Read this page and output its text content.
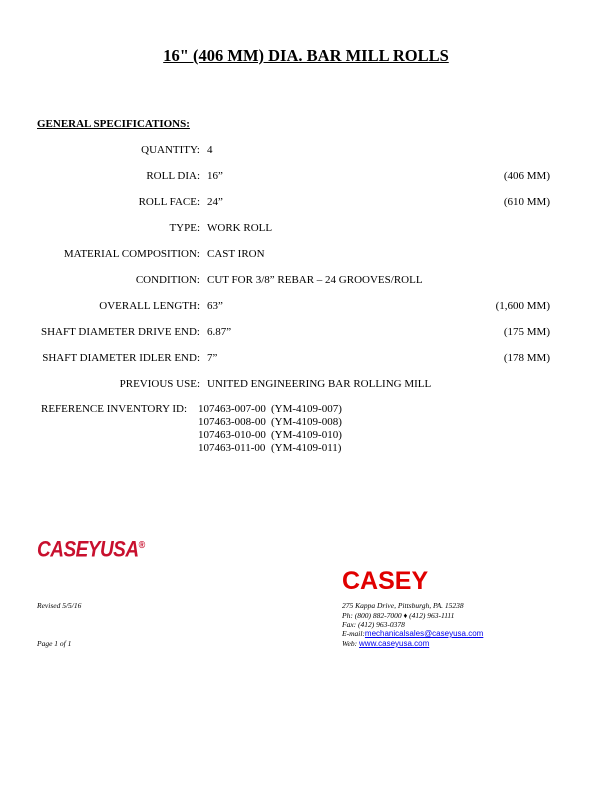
16" (406 MM) DIA. BAR MILL ROLLS
GENERAL SPECIFICATIONS:
QUANTITY: 4
ROLL DIA: 16”	(406 MM)
ROLL FACE: 24”	(610 MM)
TYPE: WORK ROLL
MATERIAL COMPOSITION: CAST IRON
CONDITION: CUT FOR 3/8” REBAR – 24 GROOVES/ROLL
OVERALL LENGTH: 63”	(1,600 MM)
SHAFT DIAMETER DRIVE END: 6.87”	(175 MM)
SHAFT DIAMETER IDLER END: 7”	(178 MM)
PREVIOUS USE: UNITED ENGINEERING BAR ROLLING MILL
REFERENCE INVENTORY ID: 107463-007-00 (YM-4109-007)
107463-008-00 (YM-4109-008)
107463-010-00 (YM-4109-010)
107463-011-00 (YM-4109-011)
CASEYUSA®
CASEY
Revised 5/5/16
Page 1 of 1
275 Kappa Drive, Pittsburgh, PA. 15238
Ph: (800) 882-7000 ♦ (412) 963-1111
Fax: (412) 963-0378
E-mail:mechanicalsales@caseyusa.com
Web: www.caseyusa.com
